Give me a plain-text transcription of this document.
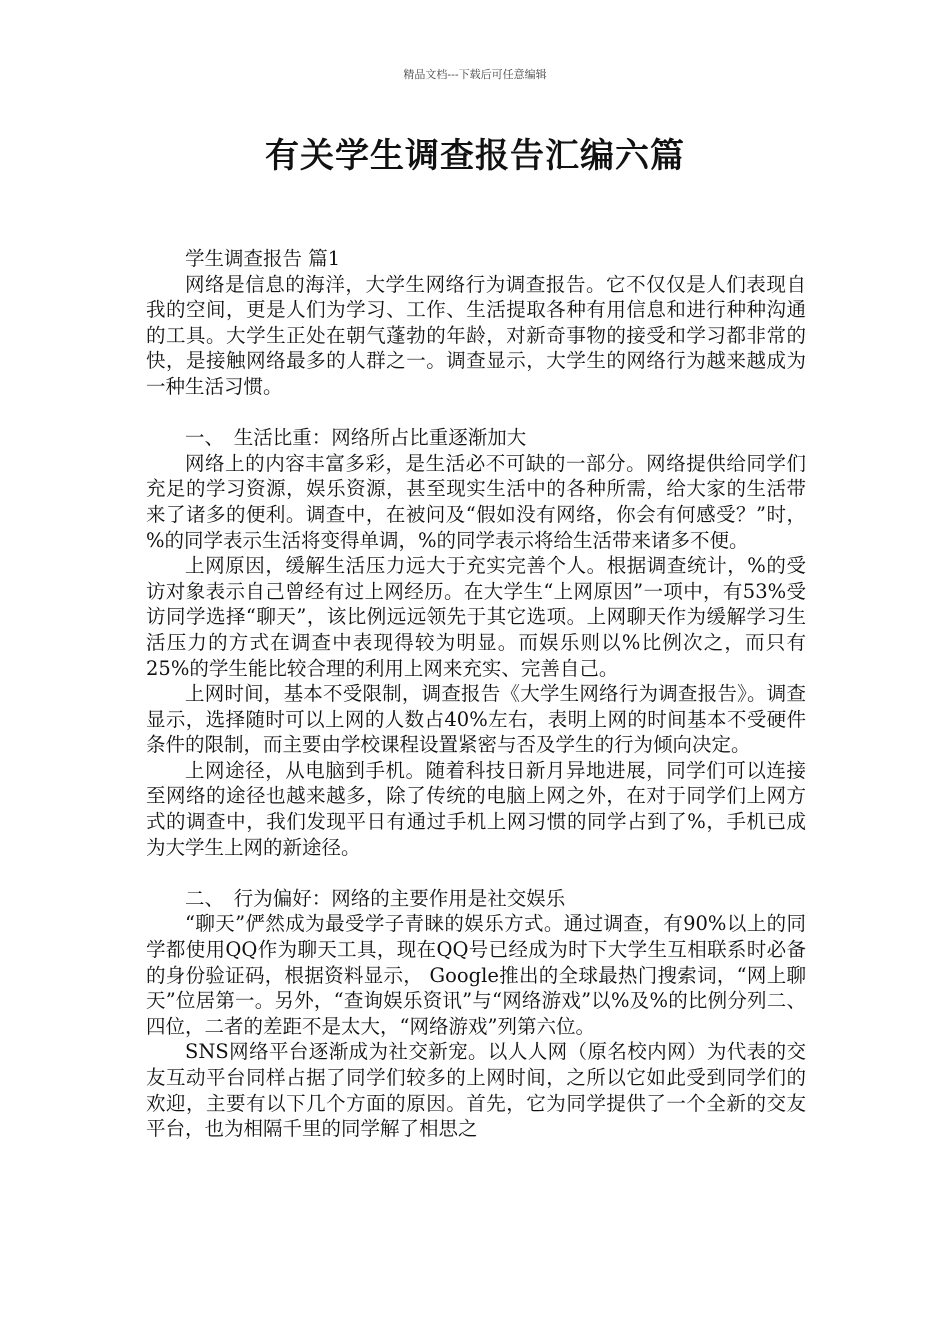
精品文档---下载后可任意编辑
有关学生调查报告汇编六篇

学生调查报告 篇1

网络是信息的海洋，大学生网络行为调查报告。它不仅仅是人们表现自我的空间，更是人们为学习、工作、生活提取各种有用信息和进行种种沟通的工具。大学生正处在朝气蓬勃的年龄，对新奇事物的接受和学习都非常的快，是接触网络最多的人群之一。调查显示，大学生的网络行为越来越成为一种生活习惯。

一、　生活比重：网络所占比重逐渐加大

网络上的内容丰富多彩，是生活必不可缺的一部分。网络提供给同学们充足的学习资源，娱乐资源，甚至现实生活中的各种所需，给大家的生活带来了诸多的便利。调查中，在被问及“假如没有网络，你会有何感受？”时，%的同学表示生活将变得单调，%的同学表示将给生活带来诸多不便。

上网原因，缓解生活压力远大于充实完善个人。根据调查统计，%的受访对象表示自己曾经有过上网经历。在大学生“上网原因”一项中，有53%受访同学选择“聊天”，该比例远远领先于其它选项。上网聊天作为缓解学习生活压力的方式在调查中表现得较为明显。而娱乐则以%比例次之，而只有25%的学生能比较合理的利用上网来充实、完善自己。

上网时间，基本不受限制，调查报告《大学生网络行为调查报告》。调查显示，选择随时可以上网的人数占40%左右，表明上网的时间基本不受硬件条件的限制，而主要由学校课程设置紧密与否及学生的行为倾向决定。

上网途径，从电脑到手机。随着科技日新月异地进展，同学们可以连接至网络的途径也越来越多，除了传统的电脑上网之外，在对于同学们上网方式的调查中，我们发现平日有通过手机上网习惯的同学占到了%，手机已成为大学生上网的新途径。

二、　行为偏好：网络的主要作用是社交娱乐

“聊天”俨然成为最受学子青睐的娱乐方式。通过调查，有90%以上的同学都使用QQ作为聊天工具，现在QQ号已经成为时下大学生互相联系时必备的身份验证码，根据资料显示， Google推出的全球最热门搜索词，“网上聊天”位居第一。另外，“查询娱乐资讯”与“网络游戏”以%及%的比例分列二、四位，二者的差距不是太大，“网络游戏”列第六位。

SNS网络平台逐渐成为社交新宠。以人人网（原名校内网）为代表的交友互动平台同样占据了同学们较多的上网时间，之所以它如此受到同学们的欢迎，主要有以下几个方面的原因。首先，它为同学提供了一个全新的交友平台，也为相隔千里的同学解了相思之
